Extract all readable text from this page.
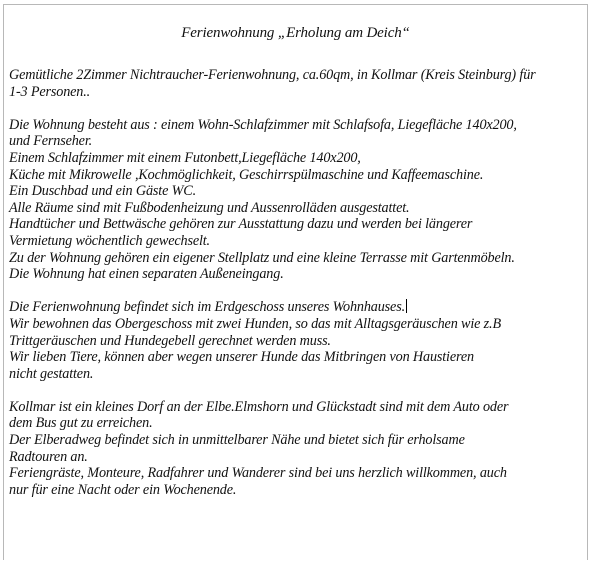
Ferienwohnung „Erholung am Deich“

Gemütliche 2Zimmer Nichtraucher-Ferienwohnung, ca.60qm, in Kollmar (Kreis Steinburg) für
1-3 Personen..

Die Wohnung besteht aus : einem Wohn-Schlafzimmer mit Schlafsofa, Liegefläche 140x200,
und Fernseher.
Einem Schlafzimmer mit einem Futonbett,Liegefläche 140x200,
Küche mit Mikrowelle ,Kochmöglichkeit, Geschirrspülmaschine und Kaffeemaschine.
Ein Duschbad und ein Gäste WC.
Alle Räume sind mit Fußbodenheizung und Aussenrolläden ausgestattet.
Handtücher und Bettwäsche gehören zur Ausstattung dazu und werden bei längerer
Vermietung wöchentlich gewechselt.
Zu der Wohnung gehören ein eigener Stellplatz und eine kleine Terrasse mit Gartenmöbeln.
Die Wohnung hat einen separaten Außeneingang.

Die Ferienwohnung befindet sich im Erdgeschoss unseres Wohnhauses.
Wir bewohnen das Obergeschoss mit zwei Hunden, so das mit Alltagsgeräuschen wie z.B
Trittgeräuschen und Hundegebell gerechnet werden muss.
Wir lieben Tiere, können aber wegen unserer Hunde das Mitbringen von Haustieren
nicht gestatten.

Kollmar ist ein kleines Dorf an der Elbe.Elmshorn und Glückstadt sind mit dem Auto oder
dem Bus gut zu erreichen.
Der Elberadweg befindet sich in unmittelbarer Nähe und bietet sich für erholsame
Radtouren an.
Feriengräste, Monteure, Radfahrer und Wanderer sind bei uns herzlich willkommen, auch
nur für eine Nacht oder ein Wochenende.
